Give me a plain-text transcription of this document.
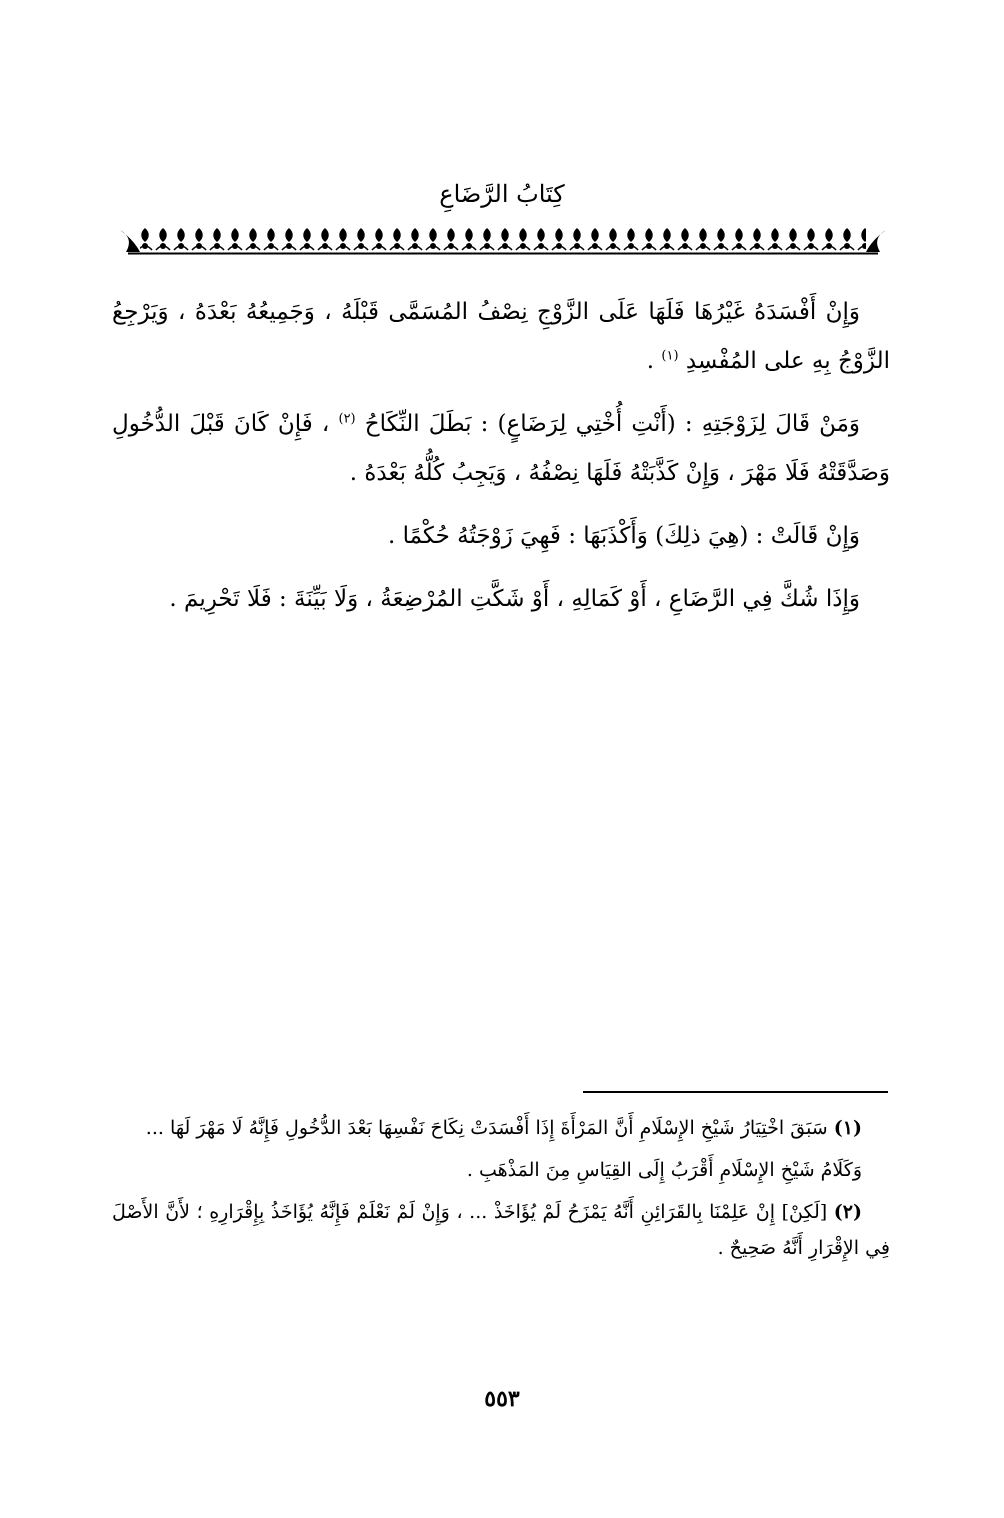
كِتَابُ الرَّضَاعِ

وَإِنْ أَفْسَدَهُ غَيْرُهَا فَلَهَا عَلَى الزَّوْجِ نِصْفُ المُسَمَّى قَبْلَهُ ، وَجَمِيعُهُ بَعْدَهُ ، وَيَرْجِعُ الزَّوْجُ بِهِ على المُفْسِدِ $^{(١)}$ .

وَمَنْ قَالَ لِزَوْجَتِهِ : (أَنْتِ أُخْتِي لِرَضَاعٍ) : بَطَلَ النِّكَاحُ $^{(٢)}$ ، فَإِنْ كَانَ قَبْلَ الدُّخُولِ وَصَدَّقَتْهُ فَلَا مَهْرَ ، وَإِنْ كَذَّبَتْهُ فَلَهَا نِصْفُهُ ، وَيَجِبُ كُلُّهُ بَعْدَهُ .

وَإِنْ قَالَتْ : (هِيَ ذلِكَ) وَأَكْذَبَهَا : فَهِيَ زَوْجَتُهُ حُكْمًا .

وَإِذَا شُكَّ فِي الرَّضَاعِ ، أَوْ كَمَالِهِ ، أَوْ شَكَّتِ المُرْضِعَةُ ، وَلَا بَيِّنَةَ : فَلَا تَحْرِيمَ .

(١) سَبَقَ اخْتِيَارُ شَيْخِ الإِسْلَامِ أَنَّ المَرْأَةَ إِذَا أَفْسَدَتْ نِكَاحَ نَفْسِهَا بَعْدَ الدُّخُولِ فَإِنَّهُ لَا مَهْرَ لَهَا ...

وَكَلَامُ شَيْخِ الإِسْلَامِ أَقْرَبُ إِلَى القِيَاسِ مِنَ المَذْهَبِ .

(٢) [لَكِنْ] إِنْ عَلِمْنَا بِالقَرَائِنِ أَنَّهُ يَمْزَحُ لَمْ يُؤَاخَذْ ... ، وَإِنْ لَمْ نَعْلَمْ فَإِنَّهُ يُؤَاخَذُ بِإِقْرَارِهِ ؛ لأَنَّ الأَصْلَ فِي الإِقْرَارِ أَنَّهُ صَحِيحٌ .

٥٥٣
